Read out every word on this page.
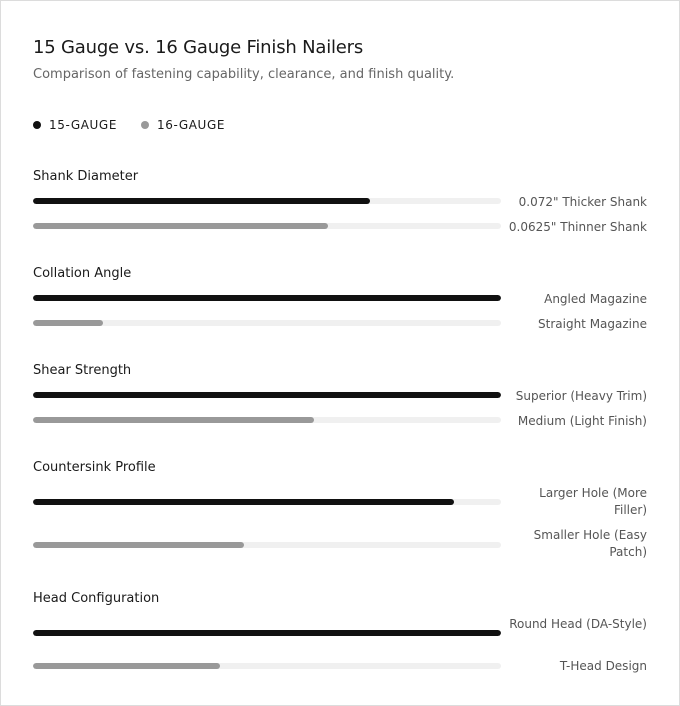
15 Gauge vs. 16 Gauge Finish Nailers
Comparison of fastening capability, clearance, and finish quality.
15-GAUGE	16-GAUGE
Shank Diameter
0.072" Thicker Shank
0.0625" Thinner Shank
Collation Angle
Angled Magazine
Straight Magazine
Shear Strength
Superior (Heavy Trim)
Medium (Light Finish)
Countersink Profile
Larger Hole (More Filler)
Smaller Hole (Easy Patch)
Head Configuration
Round Head (DA-Style)
T-Head Design
